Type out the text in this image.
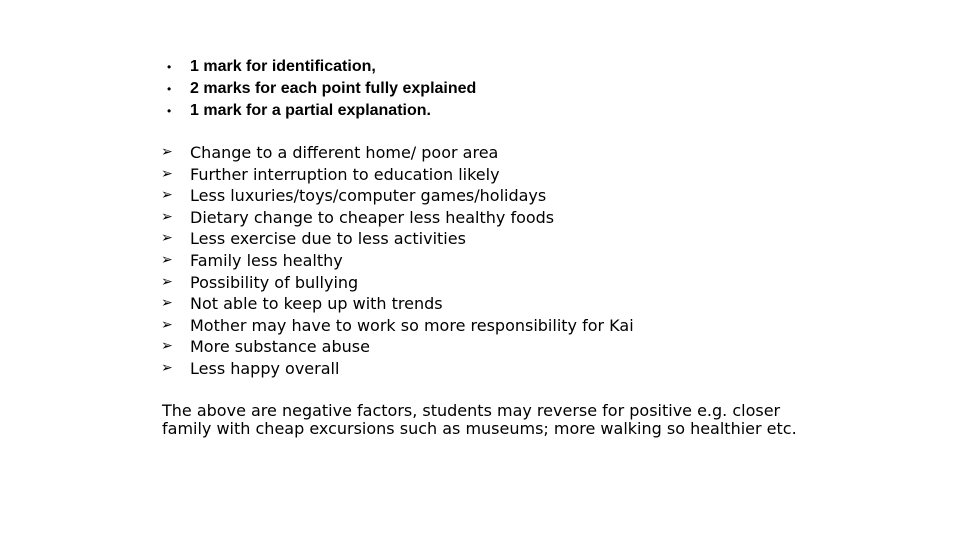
• 1 mark for identification,
• 2 marks for each point fully explained
• 1 mark for a partial explanation.
➢ Change to a different home/ poor area
➢ Further interruption to education likely
➢ Less luxuries/toys/computer games/holidays
➢ Dietary change to cheaper less healthy foods
➢ Less exercise due to less activities
➢ Family less healthy
➢ Possibility of bullying
➢ Not able to keep up with trends
➢ Mother may have to work so more responsibility for Kai
➢ More substance abuse
➢ Less happy overall

The above are negative factors, students may reverse for positive e.g. closer family with cheap excursions such as museums; more walking so healthier etc.
